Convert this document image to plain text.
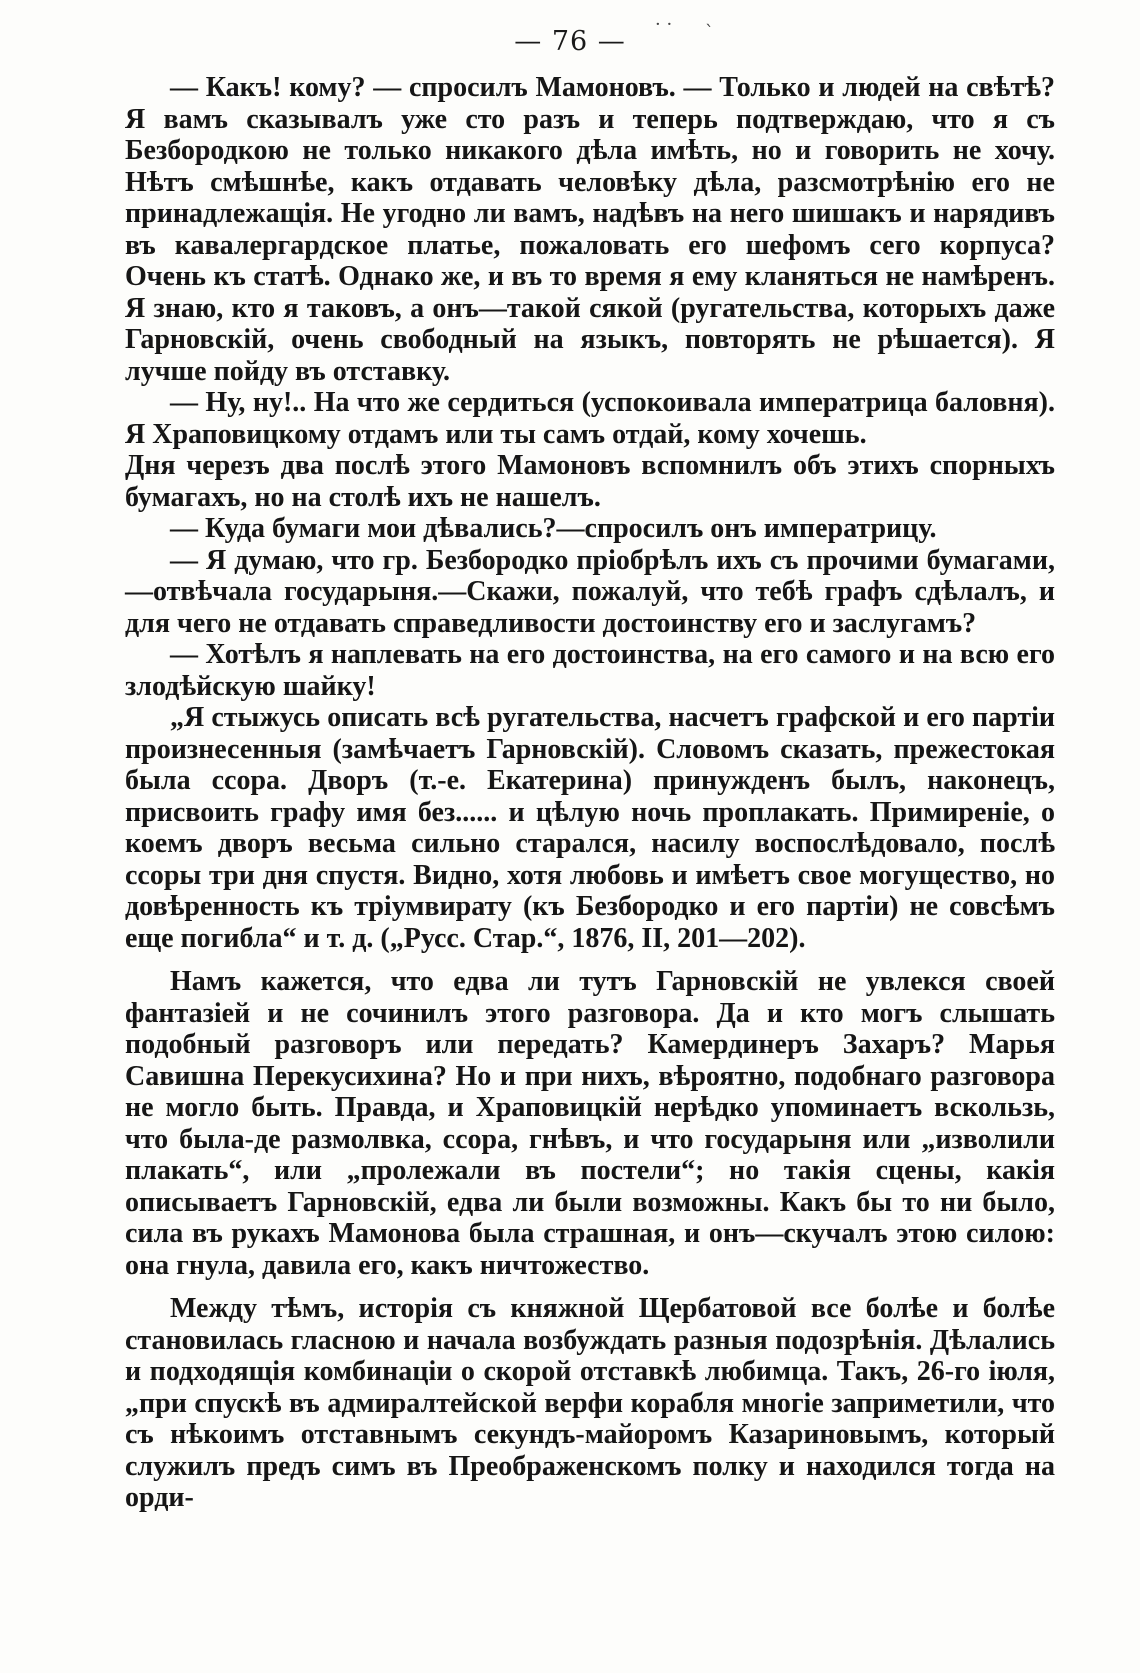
— 76 —
· · ˋ

— Какъ! кому? — спросилъ Мамоновъ. — Только и людей на свѣтѣ? Я вамъ сказывалъ уже сто разъ и теперь подтверждаю, что я съ Безбородкою не только никакого дѣла имѣть, но и говорить не хочу. Нѣтъ смѣшнѣе, какъ отдавать человѣку дѣла, разсмотрѣнію его не принадлежащія. Не угодно ли вамъ, надѣвъ на него шишакъ и нарядивъ въ кавалергардское платье, пожаловать его шефомъ сего корпуса? Очень къ статѣ. Однако же, и въ то время я ему кланяться не намѣренъ. Я знаю, кто я таковъ, а онъ—такой сякой (ругательства, которыхъ даже Гарновскій, очень свободный на языкъ, повторять не рѣшается). Я лучше пойду въ отставку.

— Ну, ну!.. На что же сердиться (успокоивала императрица баловня). Я Храповицкому отдамъ или ты самъ отдай, кому хочешь.

Дня черезъ два послѣ этого Мамоновъ вспомнилъ объ этихъ спорныхъ бумагахъ, но на столѣ ихъ не нашелъ.

— Куда бумаги мои дѣвались?—спросилъ онъ императрицу.

— Я думаю, что гр. Безбородко пріобрѣлъ ихъ съ прочими бумагами,—отвѣчала государыня.—Скажи, пожалуй, что тебѣ графъ сдѣлалъ, и для чего не отдавать справедливости достоинству его и заслугамъ?

— Хотѣлъ я наплевать на его достоинства, на его самого и на всю его злодѣйскую шайку!

„Я стыжусь описать всѣ ругательства, насчетъ графской и его партіи произнесенныя (замѣчаетъ Гарновскій). Словомъ сказать, прежестокая была ссора. Дворъ (т.-е. Екатерина) принужденъ былъ, наконецъ, присвоить графу имя без...... и цѣлую ночь проплакать. Примиреніе, о коемъ дворъ весьма сильно старался, насилу воспослѣдовало, послѣ ссоры три дня спустя. Видно, хотя любовь и имѣетъ свое могущество, но довѣренность къ тріумвирату (къ Безбородко и его партіи) не совсѣмъ еще погибла“ и т. д. („Русс. Стар.“, 1876, II, 201—202).

Намъ кажется, что едва ли тутъ Гарновскій не увлекся своей фантазіей и не сочинилъ этого разговора. Да и кто могъ слышать подобный разговоръ или передать? Камердинеръ Захаръ? Марья Савишна Перекусихина? Но и при нихъ, вѣроятно, подобнаго разговора не могло быть. Правда, и Храповицкій нерѣдко упоминаетъ вскользь, что была-де размолвка, ссора, гнѣвъ, и что государыня или „изволили плакать“, или „пролежали въ постели“; но такія сцены, какія описываетъ Гарновскій, едва ли были возможны. Какъ бы то ни было, сила въ рукахъ Мамонова была страшная, и онъ—скучалъ этою силою: она гнула, давила его, какъ ничтожество.

Между тѣмъ, исторія съ княжной Щербатовой все болѣе и болѣе становилась гласною и начала возбуждать разныя подозрѣнія. Дѣлались и подходящія комбинаціи о скорой отставкѣ любимца. Такъ, 26-го іюля, „при спускѣ въ адмиралтейской верфи корабля многіе заприметили, что съ нѣкоимъ отставнымъ секундъ-майоромъ Казариновымъ, который служилъ предъ симъ въ Преображенскомъ полку и находился тогда на орди-
